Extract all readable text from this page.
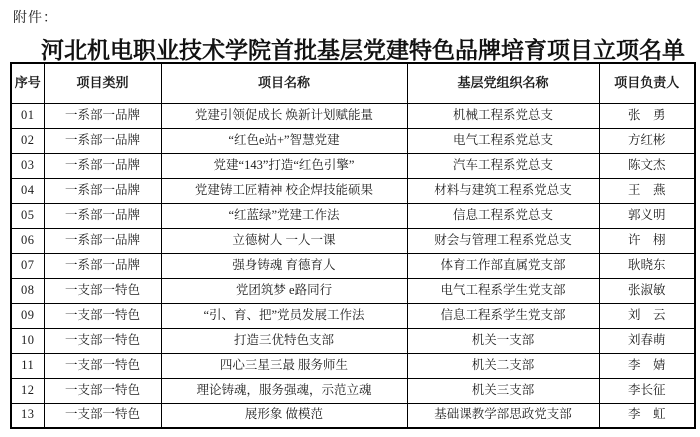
附件：
河北机电职业技术学院首批基层党建特色品牌培育项目立项名单
序号	项目类别	项目名称	基层党组织名称	项目负责人
01	一系部一品牌	党建引领促成长 焕新计划赋能量	机械工程系党总支	张　勇
02	一系部一品牌	“红色e站+”智慧党建	电气工程系党总支	方红彬
03	一系部一品牌	党建“143”打造“红色引擎”	汽车工程系党总支	陈文杰
04	一系部一品牌	党建铸工匠精神 校企焊技能硕果	材料与建筑工程系党总支	王　燕
05	一系部一品牌	“红蓝绿”党建工作法	信息工程系党总支	郭义明
06	一系部一品牌	立德树人 一人一课	财会与管理工程系党总支	许　栩
07	一系部一品牌	强身铸魂 育德育人	体育工作部直属党支部	耿晓东
08	一支部一特色	党团筑梦 e路同行	电气工程系学生党支部	张淑敏
09	一支部一特色	“引、育、把”党员发展工作法	信息工程系学生党支部	刘　云
10	一支部一特色	打造三优特色支部	机关一支部	刘春萌
11	一支部一特色	四心三星三最 服务师生	机关二支部	李　婧
12	一支部一特色	理论铸魂，服务强魂，示范立魂	机关三支部	李长征
13	一支部一特色	展形象 做模范	基础课教学部思政党支部	李　虹
